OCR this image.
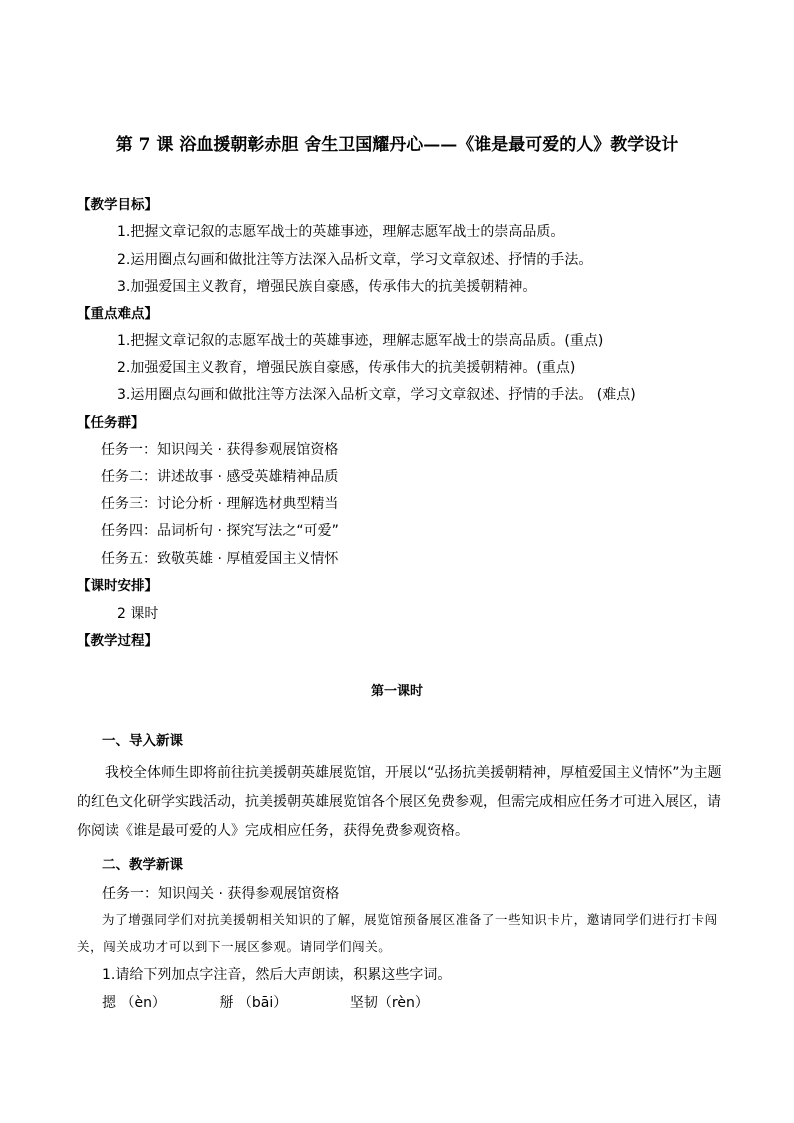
第 7 课 浴血援朝彰赤胆 舍生卫国耀丹心——《谁是最可爱的人》教学设计
【教学目标】
1.把握文章记叙的志愿军战士的英雄事迹，理解志愿军战士的崇高品质。
2.运用圈点勾画和做批注等方法深入品析文章，学习文章叙述、抒情的手法。
3.加强爱国主义教育，增强民族自豪感，传承伟大的抗美援朝精神。
【重点难点】
1.把握文章记叙的志愿军战士的英雄事迹，理解志愿军战士的崇高品质。(重点)
2.加强爱国主义教育，增强民族自豪感，传承伟大的抗美援朝精神。(重点)
3.运用圈点勾画和做批注等方法深入品析文章，学习文章叙述、抒情的手法。 (难点)
【任务群】
任务一：知识闯关 · 获得参观展馆资格
任务二：讲述故事 · 感受英雄精神品质
任务三：讨论分析 · 理解选材典型精当
任务四：品词析句 · 探究写法之“可爱”
任务五：致敬英雄 · 厚植爱国主义情怀
【课时安排】
2 课时
【教学过程】
第一课时
一、导入新课

我校全体师生即将前往抗美援朝英雄展览馆，开展以“弘扬抗美援朝精神，厚植爱国主义情怀”为主题的红色文化研学实践活动，抗美援朝英雄展览馆各个展区免费参观，但需完成相应任务才可进入展区，请你阅读《谁是最可爱的人》完成相应任务，获得免费参观资格。

二、教学新课
任务一：知识闯关 · 获得参观展馆资格

为了增强同学们对抗美援朝相关知识的了解，展览馆预备展区准备了一些知识卡片，邀请同学们进行打卡闯关，闯关成功才可以到下一展区参观。请同学们闯关。

1.请给下列加点字注音，然后大声朗读，积累这些字词。
摁 （èn）	掰 （bāi）	坚韧（rèn）
